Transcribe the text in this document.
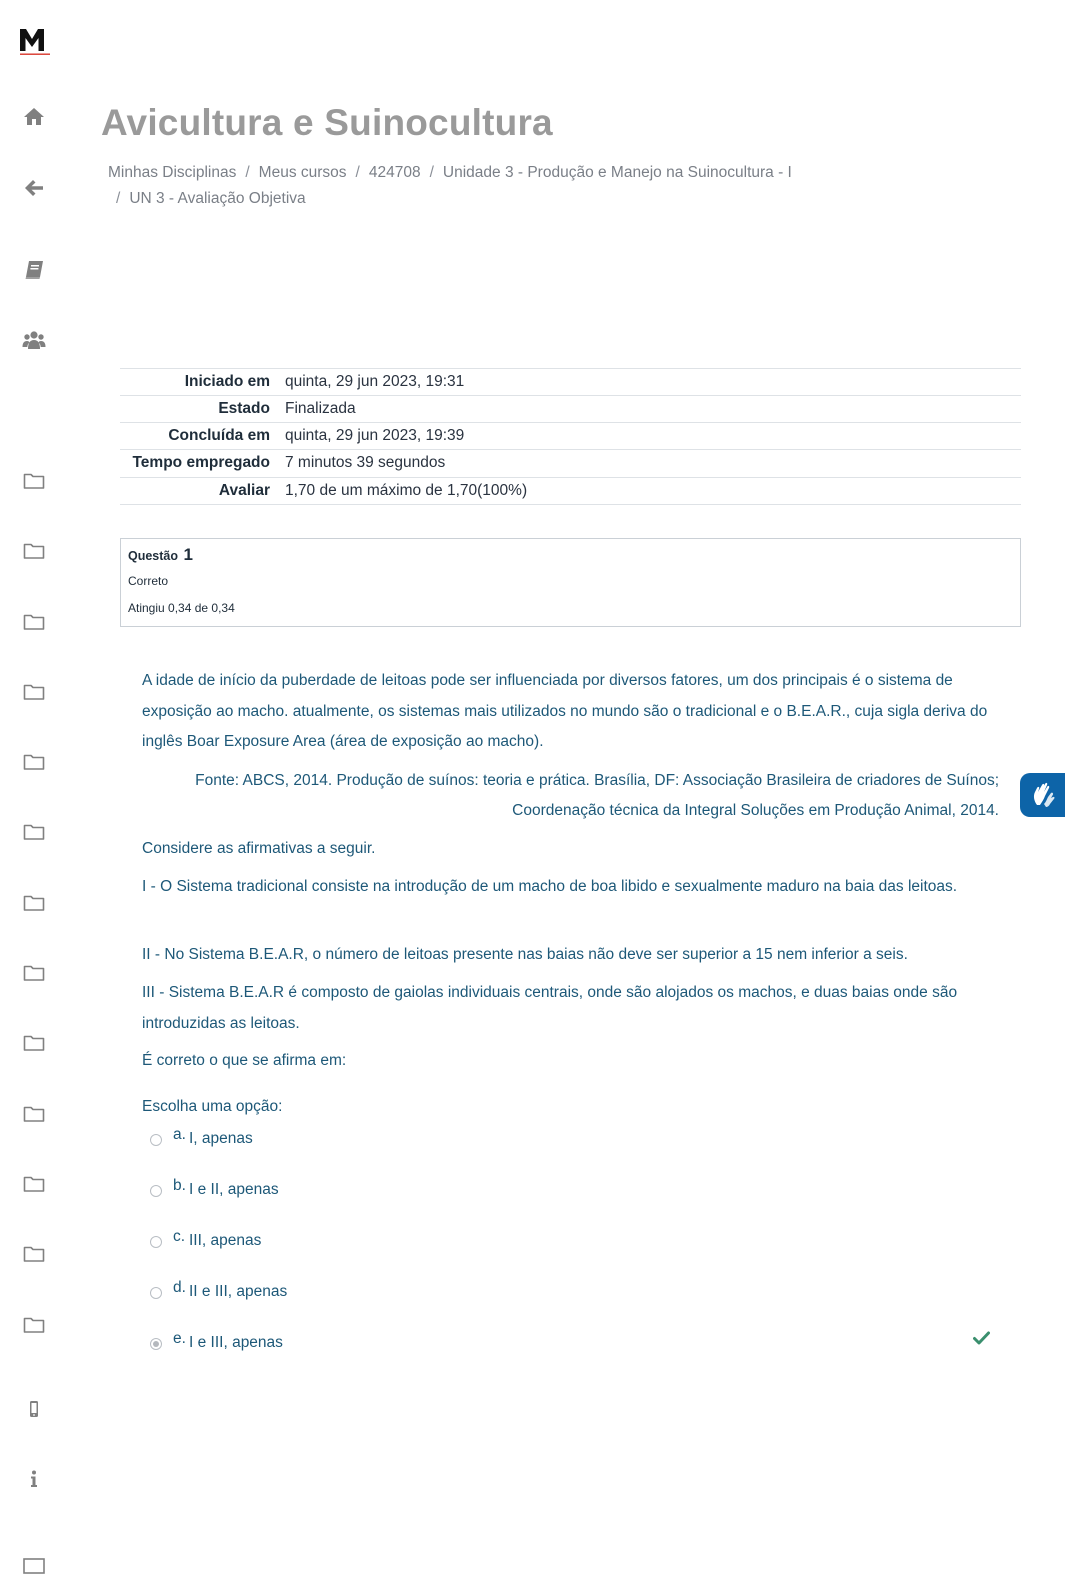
Avicultura e Suinocultura
Minhas Disciplinas / Meus cursos / 424708 / Unidade 3 - Produção e Manejo na Suinocultura - I
/ UN 3 - Avaliação Objetiva
Iniciado em	quinta, 29 jun 2023, 19:31
Estado	Finalizada
Concluída em	quinta, 29 jun 2023, 19:39
Tempo empregado	7 minutos 39 segundos
Avaliar	1,70 de um máximo de 1,70(100%)
Questão 1
Correto
Atingiu 0,34 de 0,34

A idade de início da puberdade de leitoas pode ser influenciada por diversos fatores, um dos principais é o sistema de exposição ao macho. atualmente, os sistemas mais utilizados no mundo são o tradicional e o B.E.A.R., cuja sigla deriva do inglês Boar Exposure Area (área de exposição ao macho).

Fonte: ABCS, 2014. Produção de suínos: teoria e prática. Brasília, DF: Associação Brasileira de criadores de Suínos;
Coordenação técnica da Integral Soluções em Produção Animal, 2014.

Considere as afirmativas a seguir.

I - O Sistema tradicional consiste na introdução de um macho de boa libido e sexualmente maduro na baia das leitoas.

II - No Sistema B.E.A.R, o número de leitoas presente nas baias não deve ser superior a 15 nem inferior a seis.

III - Sistema B.E.A.R é composto de gaiolas individuais centrais, onde são alojados os machos, e duas baias onde são introduzidas as leitoas.

É correto o que se afirma em:

Escolha uma opção:
a. I, apenas
b. I e II, apenas
c. III, apenas
d. II e III, apenas
e. I e III, apenas
